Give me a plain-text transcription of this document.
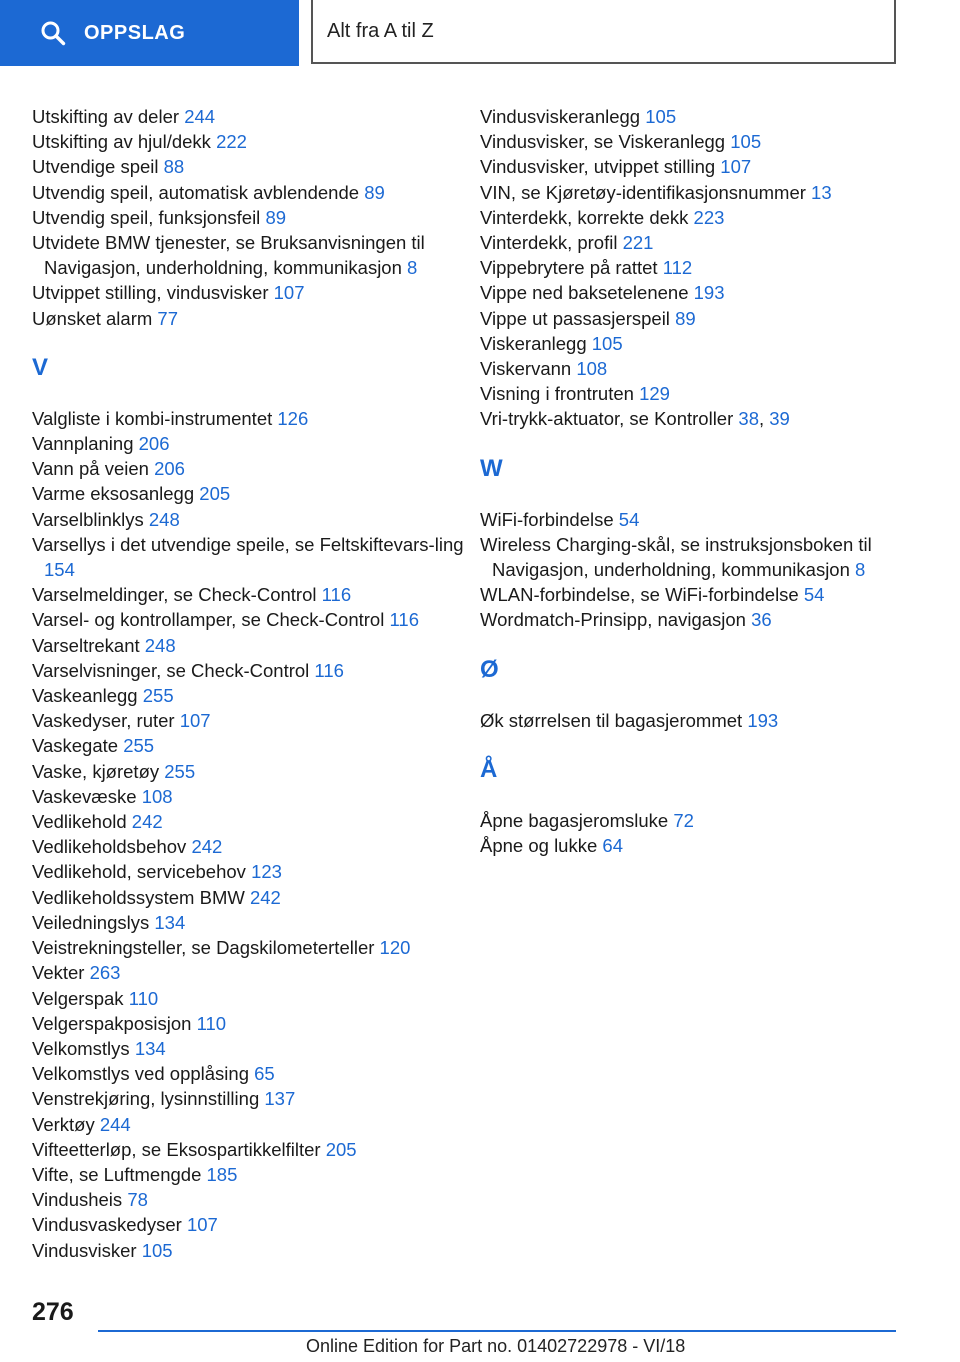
OPPSLAG	Alt fra A til Z
Utskifting av deler 244
Utskifting av hjul/dekk 222
Utvendige speil 88
Utvendig speil, automatisk avblendende 89
Utvendig speil, funksjonsfeil 89
Utvidete BMW tjenester, se Bruksanvisningen til Navigasjon, underholdning, kommunikasjon 8
Utvippet stilling, vindusvisker 107
Uønsket alarm 77
V
Valgliste i kombi-instrumentet 126
Vannplaning 206
Vann på veien 206
Varme eksosanlegg 205
Varselblinklys 248
Varsellys i det utvendige speile, se Feltskiftevars-ling 154
Varselmeldinger, se Check-Control 116
Varsel- og kontrollamper, se Check-Control 116
Varseltrekant 248
Varselvisninger, se Check-Control 116
Vaskeanlegg 255
Vaskedyser, ruter 107
Vaskegate 255
Vaske, kjøretøy 255
Vaskevæske 108
Vedlikehold 242
Vedlikeholdsbehov 242
Vedlikehold, servicebehov 123
Vedlikeholdssystem BMW 242
Veiledningslys 134
Veistrekningsteller, se Dagskilometerteller 120
Vekter 263
Velgerspak 110
Velgerspakposisjon 110
Velkomstlys 134
Velkomstlys ved opplåsing 65
Venstrekjøring, lysinnstilling 137
Verktøy 244
Vifteetterløp, se Eksospartikkelfilter 205
Vifte, se Luftmengde 185
Vindusheis 78
Vindusvaskedyser 107
Vindusvisker 105
Vindusviskeranlegg 105
Vindusvisker, se Viskeranlegg 105
Vindusvisker, utvippet stilling 107
VIN, se Kjøretøy-identifikasjonsnummer 13
Vinterdekk, korrekte dekk 223
Vinterdekk, profil 221
Vippebrytere på rattet 112
Vippe ned baksetelenene 193
Vippe ut passasjerspeil 89
Viskeranlegg 105
Viskervann 108
Visning i frontruten 129
Vri-trykk-aktuator, se Kontroller 38, 39
W
WiFi-forbindelse 54
Wireless Charging-skål, se instruksjonsboken til Navigasjon, underholdning, kommunikasjon 8
WLAN-forbindelse, se WiFi-forbindelse 54
Wordmatch-Prinsipp, navigasjon 36
Ø
Øk størrelsen til bagasjerommet 193
Å
Åpne bagasjeromsluke 72
Åpne og lukke 64
276
Online Edition for Part no. 01402722978 - VI/18
